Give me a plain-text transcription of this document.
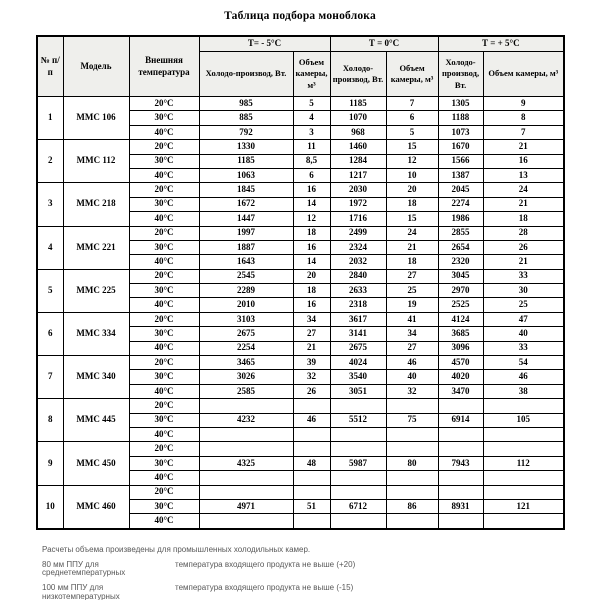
Таблица подбора моноблока
№ п/п	Модель	Внешняя температура	Т= - 5°С		Т = 0°С		Т = + 5°С	
			Холодо-производ, Вт.	Объем камеры, м³	Холодо-производ, Вт.	Объем камеры, м³	Холодо-производ, Вт.	Объем камеры, м³
1	ММС 106	20°С	985	5	1185	7	1305	9
		30°С	885	4	1070	6	1188	8
		40°С	792	3	968	5	1073	7
2	ММС 112	20°С	1330	11	1460	15	1670	21
		30°С	1185	8,5	1284	12	1566	16
		40°С	1063	6	1217	10	1387	13
3	ММС 218	20°С	1845	16	2030	20	2045	24
		30°С	1672	14	1972	18	2274	21
		40°С	1447	12	1716	15	1986	18
4	ММС 221	20°С	1997	18	2499	24	2855	28
		30°С	1887	16	2324	21	2654	26
		40°С	1643	14	2032	18	2320	21
5	ММС 225	20°С	2545	20	2840	27	3045	33
		30°С	2289	18	2633	25	2970	30
		40°С	2010	16	2318	19	2525	25
6	ММС 334	20°С	3103	34	3617	41	4124	47
		30°С	2675	27	3141	34	3685	40
		40°С	2254	21	2675	27	3096	33
7	ММС 340	20°С	3465	39	4024	46	4570	54
		30°С	3026	32	3540	40	4020	46
		40°С	2585	26	3051	32	3470	38
8	ММС 445	20°С						
		30°С	4232	46	5512	75	6914	105
		40°С						
9	ММС 450	20°С						
		30°С	4325	48	5987	80	7943	112
		40°С						
10	ММС 460	20°С						
		30°С	4971	51	6712	86	8931	121
		40°С						
Расчеты объема произведены для промышленных холодильных камер.
80 мм ППУ для среднетемпературных
температура входящего продукта не выше (+20)
100 мм ППУ для низкотемпературных
температура входящего продукта не выше (-15)
